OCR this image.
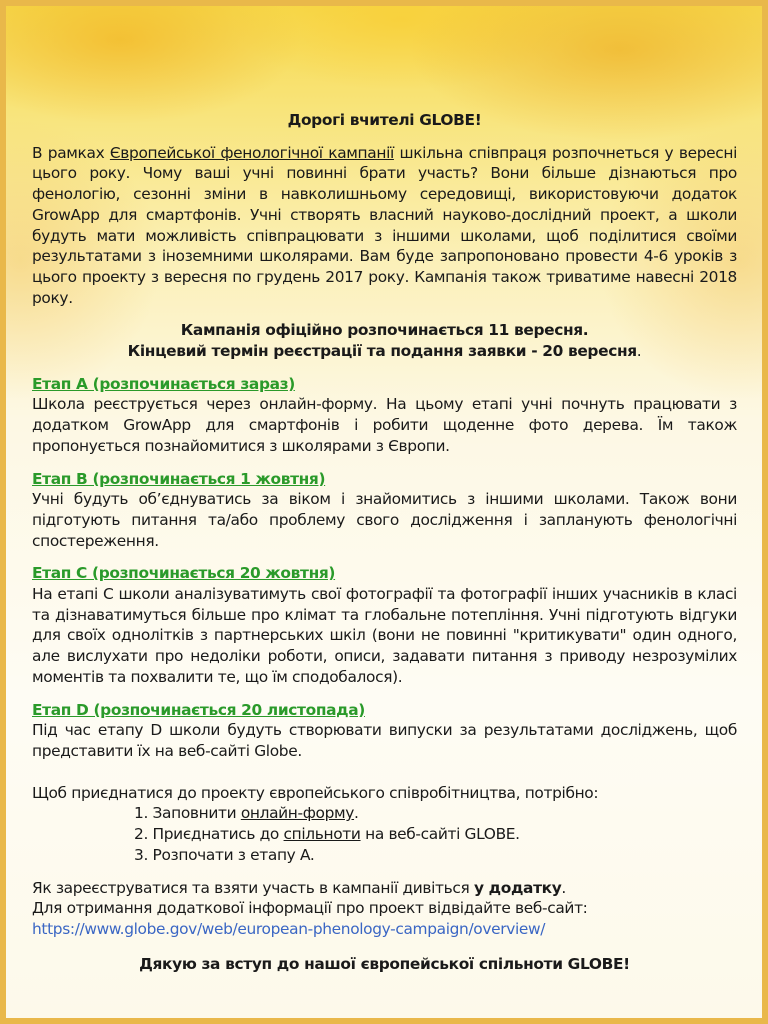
Дорогі вчителі GLOBE!

В рамках Європейської фенологічної кампанії шкільна співпраця розпочнеться у вересні цього року. Чому ваші учні повинні брати участь? Вони більше дізнаються про фенологію, сезонні зміни в навколишньому середовищі, використовуючи додаток GrowApp для смартфонів. Учні створять власний науково-дослідний проект, а школи будуть мати можливість співпрацювати з іншими школами, щоб поділитися своїми результатами з іноземними школярами. Вам буде запропоновано провести 4-6 уроків з цього проекту з вересня по грудень 2017 року. Кампанія також триватиме навесні 2018 року.

Кампанія офіційно розпочинається 11 вересня.
Кінцевий термін реєстрації та подання заявки - 20 вересня.
Етап A (розпочинається зараз)

Школа реєструється через онлайн-форму. На цьому етапі учні почнуть працювати з додатком GrowApp для смартфонів і робити щоденне фото дерева. Їм також пропонується познайомитися з школярами з Європи.

Етап B (розпочинається 1 жовтня)

Учні будуть об’єднуватись за віком і знайомитись з іншими школами. Також вони підготують питання та/або проблему свого дослідження і запланують фенологічні спостереження.

Етап C (розпочинається 20 жовтня)

На етапі C школи аналізуватимуть свої фотографії та фотографії інших учасників в класі та дізнаватимуться більше про клімат та глобальне потепління. Учні підготують відгуки для своїх однолітків з партнерських шкіл (вони не повинні "критикувати" один одного, але вислухати про недоліки роботи, описи, задавати питання з приводу незрозумілих моментів та похвалити те, що їм сподобалося).

Етап D (розпочинається 20 листопада)

Під час етапу D школи будуть створювати випуски за результатами досліджень, щоб представити їх на веб-сайті Globe.

Щоб приєднатися до проекту європейського співробітництва, потрібно:
1. Заповнити онлайн-форму.
2. Приєднатись до спільноти на веб-сайті GLOBE.
3. Розпочати з етапу A.
Як зареєструватися та взяти участь в кампанії дивіться у додатку.
Для отримання додаткової інформації про проект відвідайте веб-сайт:
https://www.globe.gov/web/european-phenology-campaign/overview/
Дякую за вступ до нашої європейської спільноти GLOBE!
